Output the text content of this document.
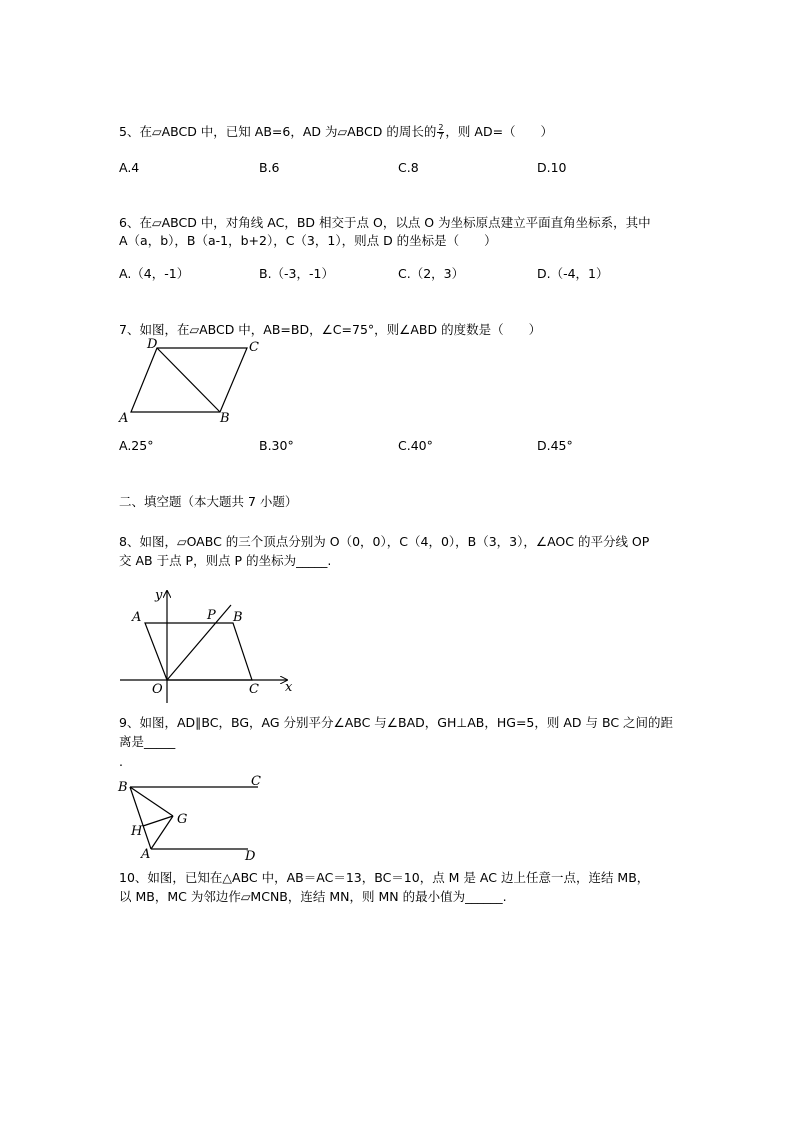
5、在▱ABCD 中，已知 AB=6，AD 为▱ABCD 的周长的 $\frac{2}{7}$ ，则 AD=（　　）
A.4	B.6	C.8	D.10
6、在▱ABCD 中，对角线 AC，BD 相交于点 O，以点 O 为坐标原点建立平面直角坐标系，其中
A（a，b），B（a-1，b+2），C（3，1），则点 D 的坐标是（　　）
A.（4，-1）	B.（-3，-1）	C.（2，3）	D.（-4，1）
7、如图，在▱ABCD 中，AB=BD，∠C=75°，则∠ABD 的度数是（　　）
D	C
A	B
A.25°	B.30°	C.40°	D.45°
二、填空题（本大题共 7 小题）
8、如图，▱OABC 的三个顶点分别为 O（0，0），C（4，0），B（3，3），∠AOC 的平分线 OP
交 AB 于点 P，则点 P 的坐标为_____.
y
A	P B
O	C x
9、如图，AD∥BC，BG，AG 分别平分∠ABC 与∠BAD，GH⊥AB，HG=5，则 AD 与 BC 之间的距
离是_____
.
B	C
G
H
A	D
10、如图，已知在△ABC 中，AB＝AC＝13，BC＝10，点 M 是 AC 边上任意一点，连结 MB，
以 MB，MC 为邻边作▱MCNB，连结 MN，则 MN 的最小值为______.
